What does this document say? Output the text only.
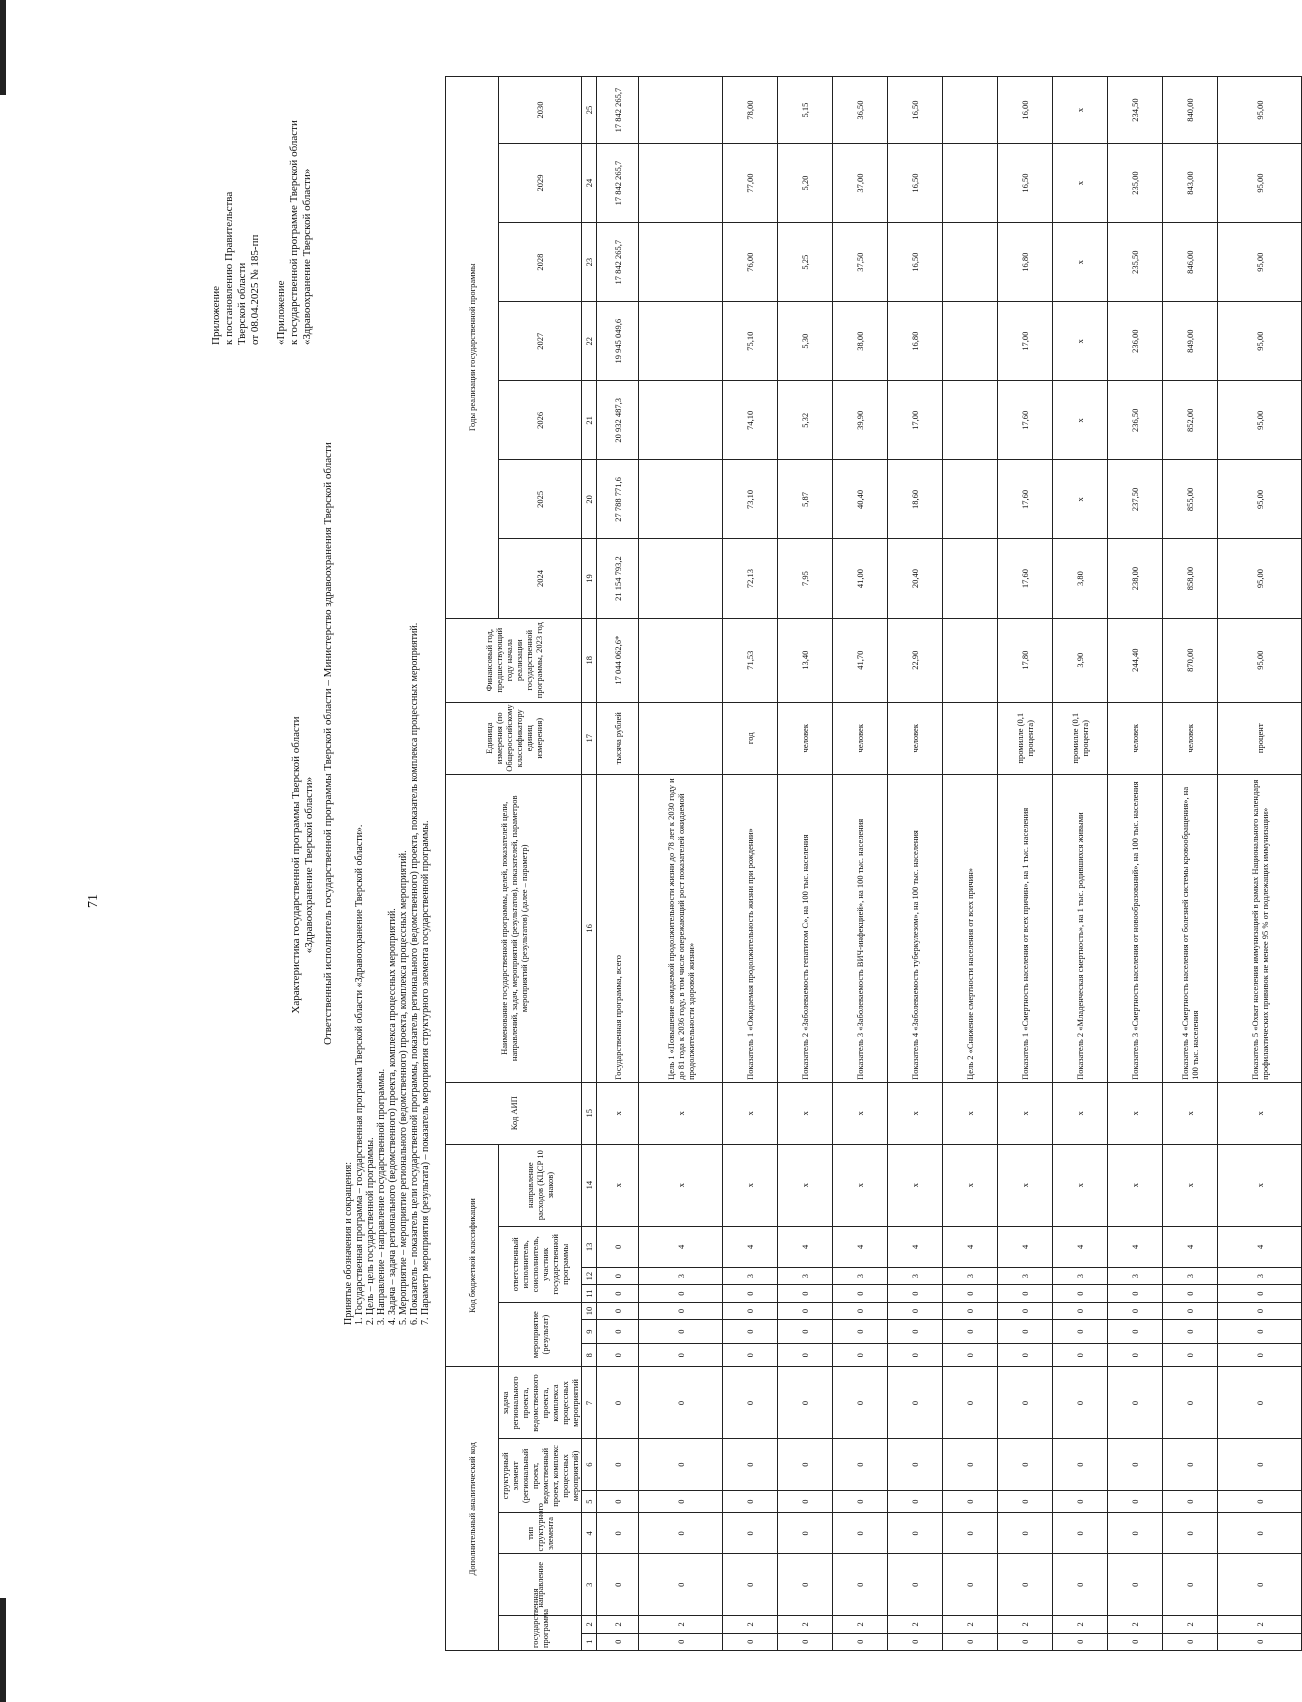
71
Приложение к постановлению Правительства Тверской области от 08.04.2025 № 185-пп
«Приложение к государственной программе Тверской области «Здравоохранение Тверской области»
Характеристика государственной программы Тверской области «Здравоохранение Тверской области» Ответственный исполнитель государственной программы Тверской области – Министерство здравоохранения Тверской области
Принятые обозначения и сокращения: 1. Государственная программа – государственная программа Тверской области «Здравоохранение Тверской области». 2. Цель – цель государственной программы. 3. Направление – направление государственной программы. 4. Задача – задача регионального (ведомственного) проекта, комплекса процессных мероприятий. 5. Мероприятие – мероприятие регионального (ведомственного) проекта, комплекса процессных мероприятий. 6. Показатель – показатель цели государственной программы, показатель регионального (ведомственного) проекта, показатель комплекса процессных мероприятий. 7. Параметр мероприятия (результата) – показатель мероприятия структурного элемента государственной программы.
Дополнительный аналитический код							Код бюджетной классификации							Код АИП	Наименование государственной программы, целей, показателей цели, направлений, задач, мероприятий (результатов), показателей, параметров мероприятий (результатов) (далее – параметр)	Единица измерения (по Общероссийскому классификатору единиц измерения)	Финансовый год, предшествующий году начала реализации государственной программы, 2023 год	Годы реализации государственной программы						
государственная программа		направление	тип структурного элемента	структурный элемент (региональный проект, ведомственный проект, комплекс процессных мероприятий)		задача регионального проекта, ведомственного проекта, комплекса процессных мероприятий	мероприятие (результат)			ответственный исполнитель, соисполнитель, участник государственной программы			направление расходов (КЦСР 10 знаков)					2024	2025	2026	2027	2028	2029	2030
1	2	3	4	5	6	7	8	9	10	11	12	13	14	15	16	17	18	19	20	21	22	23	24	25
0	2	0	0	0	0	0	0	0	0	0	0	0	х	х	Государственная программа, всего	тысяча рублей	17 044 062,6*	21 154 793,2	27 788 771,6	20 932 487,3	19 945 049,6	17 842 265,7	17 842 265,7	17 842 265,7
0	2	0	0	0	0	0	0	0	0	0	3	4	х	х	Цель 1 «Повышение ожидаемой продолжительности жизни до 78 лет к 2030 году и до 81 года к 2036 году, в том числе опережающий рост показателей ожидаемой продолжительности здоровой жизни»									
0	2	0	0	0	0	0	0	0	0	0	3	4	х	х	Показатель 1 «Ожидаемая продолжительность жизни при рождении»	год	71,53	72,13	73,10	74,10	75,10	76,00	77,00	78,00
0	2	0	0	0	0	0	0	0	0	0	3	4	х	х	Показатель 2 «Заболеваемость гепатитом С», на 100 тыс. населения	человек	13,40	7,95	5,87	5,32	5,30	5,25	5,20	5,15
0	2	0	0	0	0	0	0	0	0	0	3	4	х	х	Показатель 3 «Заболеваемость ВИЧ-инфекцией», на 100 тыс. населения	человек	41,70	41,00	40,40	39,90	38,00	37,50	37,00	36,50
0	2	0	0	0	0	0	0	0	0	0	3	4	х	х	Показатель 4 «Заболеваемость туберкулезом», на 100 тыс. населения	человек	22,90	20,40	18,60	17,00	16,80	16,50	16,50	16,50
0	2	0	0	0	0	0	0	0	0	0	3	4	х	х	Цель 2 «Снижение смертности населения от всех причин»									
0	2	0	0	0	0	0	0	0	0	0	3	4	х	х	Показатель 1 «Смертность населения от всех причин», на 1 тыс. населения	промилле (0,1 процента)	17,80	17,60	17,60	17,60	17,00	16,80	16,50	16,00
0	2	0	0	0	0	0	0	0	0	0	3	4	х	х	Показатель 2 «Младенческая смертность», на 1 тыс. родившихся живыми	промилле (0,1 процента)	3,90	3,80	х	х	х	х	х	х
0	2	0	0	0	0	0	0	0	0	0	3	4	х	х	Показатель 3 «Смертность населения от новообразований», на 100 тыс. населения	человек	244,40	238,00	237,50	236,50	236,00	235,50	235,00	234,50
0	2	0	0	0	0	0	0	0	0	0	3	4	х	х	Показатель 4 «Смертность населения от болезней системы кровообращения», на 100 тыс. населения	человек	870,00	858,00	855,00	852,00	849,00	846,00	843,00	840,00
0	2	0	0	0	0	0	0	0	0	0	3	4	х	х	Показатель 5 «Охват населения иммунизацией в рамках Национального календаря профилактических прививок не менее 95 % от подлежащих иммунизации»	процент	95,00	95,00	95,00	95,00	95,00	95,00	95,00	95,00
